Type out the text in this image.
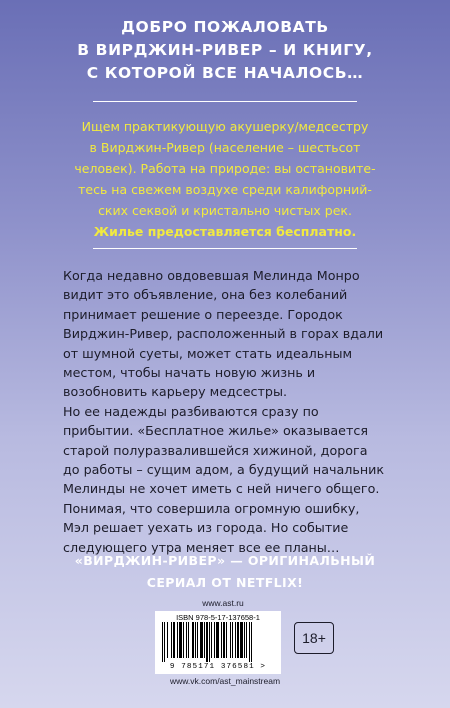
ДОБРО ПОЖАЛОВАТЬ
В ВИРДЖИН-РИВЕР – И КНИГУ,
С КОТОРОЙ ВСЕ НАЧАЛОСЬ…
Ищем практикующую акушерку/медсестру
в Вирджин-Ривер (население – шестьсот
человек). Работа на природе: вы остановите-
тесь на свежем воздухе среди калифорний-
ских секвой и кристально чистых рек.
Жилье предоставляется бесплатно.

Когда недавно овдовевшая Мелинда Монро видит это объявление, она без колебаний принимает решение о переезде. Городок Вирджин-Ривер, расположенный в горах вдали от шумной суеты, может стать идеальным местом, чтобы начать новую жизнь и возобновить карьеру медсестры.

Но ее надежды разбиваются сразу по прибытии. «Бесплатное жилье» оказывается старой полуразвалившейся хижиной, дорога до работы – сущим адом, а будущий начальник Мелинды не хочет иметь с ней ничего общего.

Понимая, что совершила огромную ошибку, Мэл решает уехать из города. Но событие следующего утра меняет все ее планы…

«ВИРДЖИН-РИВЕР» — ОРИГИНАЛЬНЫЙ
СЕРИАЛ ОТ NETFLIX!
www.ast.ru
ISBN 978-5-17-137658-1
9 785171 376581 >
18+
www.vk.com/ast_mainstream
